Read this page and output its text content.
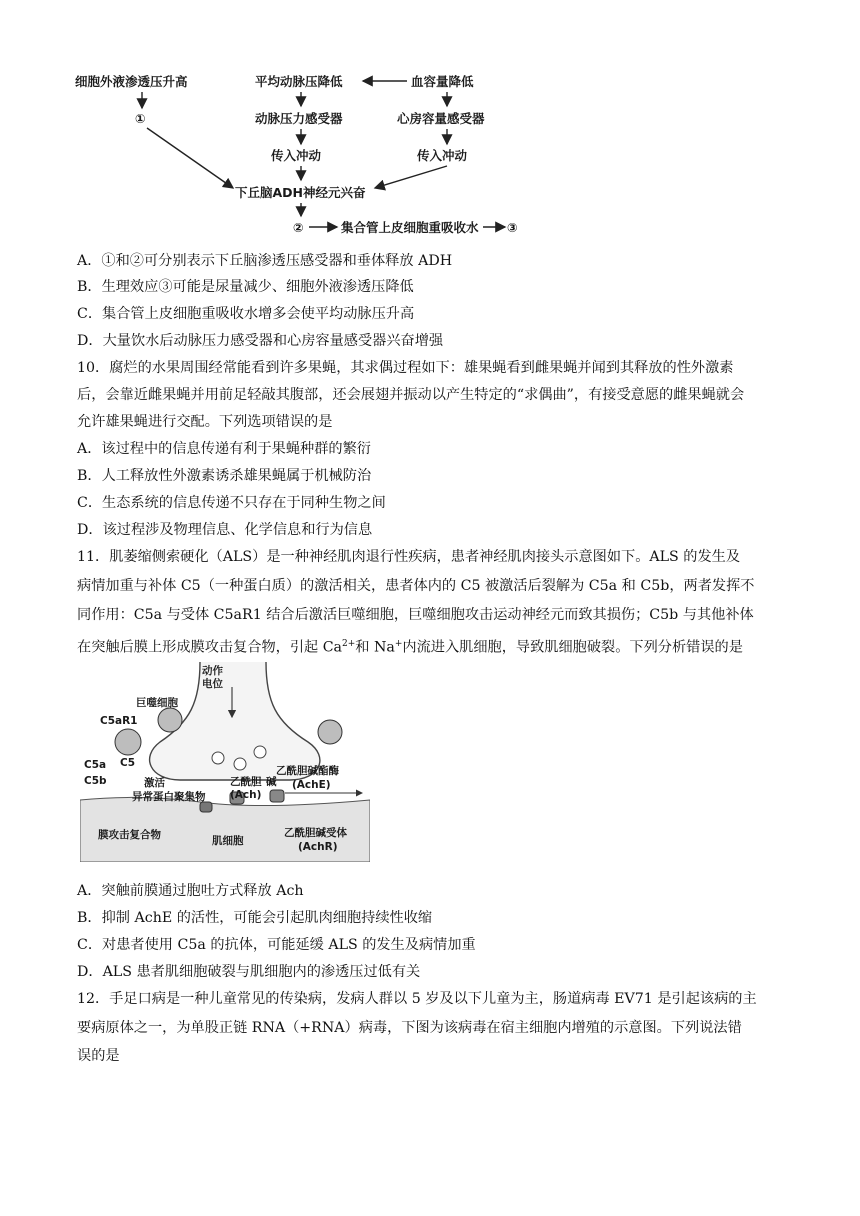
细胞外液渗透压升高	平均动脉压降低	血容量降低
①	动脉压力感受器	心房容量感受器
传入冲动	传入冲动
下丘脑ADH神经元兴奋
②	集合管上皮细胞重吸收水 ③
A．①和②可分别表示下丘脑渗透压感受器和垂体释放 ADH
B．生理效应③可能是尿量减少、细胞外液渗透压降低
C．集合管上皮细胞重吸收水增多会使平均动脉压升高
D．大量饮水后动脉压力感受器和心房容量感受器兴奋增强
10．腐烂的水果周围经常能看到许多果蝇，其求偶过程如下：雄果蝇看到雌果蝇并闻到其释放的性外激素
后，会靠近雌果蝇并用前足轻敲其腹部，还会展翅并振动以产生特定的“求偶曲”，有接受意愿的雌果蝇就会
允许雄果蝇进行交配。下列选项错误的是
A．该过程中的信息传递有利于果蝇种群的繁衍
B．人工释放性外激素诱杀雄果蝇属于机械防治
C．生态系统的信息传递不只存在于同种生物之间
D．该过程涉及物理信息、化学信息和行为信息
11．肌萎缩侧索硬化（ALS）是一种神经肌肉退行性疾病，患者神经肌肉接头示意图如下。ALS 的发生及
病情加重与补体 C5（一种蛋白质）的激活相关，患者体内的 C5 被激活后裂解为 C5a 和 C5b，两者发挥不
同作用：C5a 与受体 C5aR1 结合后激活巨噬细胞，巨噬细胞攻击运动神经元而致其损伤；C5b 与其他补体
在突触后膜上形成膜攻击复合物，引起 $Ca^{2+}$和 Na+内流进入肌细胞，导致肌细胞破裂。下列分析错误的是
动作
电位
巨噬细胞
C5aR1
C5a
C5b
C5
激活
异常蛋白聚集物
乙酰胆 碱
(Ach)
乙酰胆碱酯酶
(AchE)
膜攻击复合物	肌细胞
乙酰胆碱受体
(AchR)
A．突触前膜通过胞吐方式释放 Ach
B．抑制 AchE 的活性，可能会引起肌肉细胞持续性收缩
C．对患者使用 C5a 的抗体，可能延缓 ALS 的发生及病情加重
D．ALS 患者肌细胞破裂与肌细胞内的渗透压过低有关
12．手足口病是一种儿童常见的传染病，发病人群以 5 岁及以下儿童为主，肠道病毒 EV71 是引起该病的主
要病原体之一，为单股正链 RNA（+RNA）病毒，下图为该病毒在宿主细胞内增殖的示意图。下列说法错
误的是
